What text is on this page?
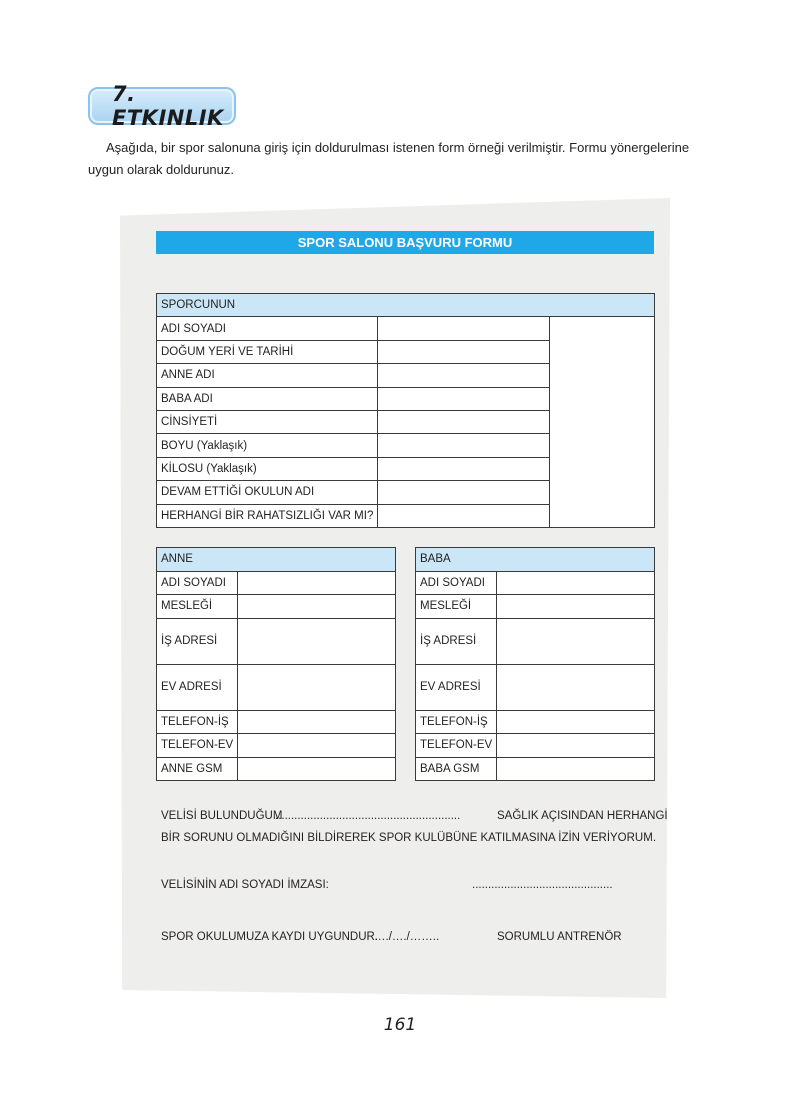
7. ETKINLIK
Aşağıda, bir spor salonuna giriş için doldurulması istenen form örneği verilmiştir. Formu yönergelerine uygun olarak doldurunuz.
SPOR SALONU BAŞVURU FORMU
SPORCUNUN		
ADI SOYADI		
DOĞUM YERİ VE TARİHİ		
ANNE ADI		
BABA ADI		
CİNSİYETİ		
BOYU (Yaklaşık)		
KİLOSU (Yaklaşık)		
DEVAM ETTİĞİ OKULUN ADI		
HERHANGİ BİR RAHATSIZLIĞI VAR MI?		
ANNE	
ADI SOYADI	
MESLEĞİ	
İŞ ADRESİ	
EV ADRESİ	
TELEFON-İŞ	
TELEFON-EV	
ANNE GSM	
BABA	
ADI SOYADI	
MESLEĞİ	
İŞ ADRESİ	
EV ADRESİ	
TELEFON-İŞ	
TELEFON-EV	
BABA GSM	
VELİSİ BULUNDUĞUM
..........................................................	SAĞLIK AÇISINDAN HERHANGİ
BİR SORUNU OLMADIĞINI BİLDİREREK SPOR KULÜBÜNE KATILMASINA İZİN VERİYORUM.
VELİSİNİN ADI SOYADI İMZASI:	............................................
SPOR OKULUMUZA KAYDI UYGUNDUR.
…./…./……..	SORUMLU ANTRENÖR
161
